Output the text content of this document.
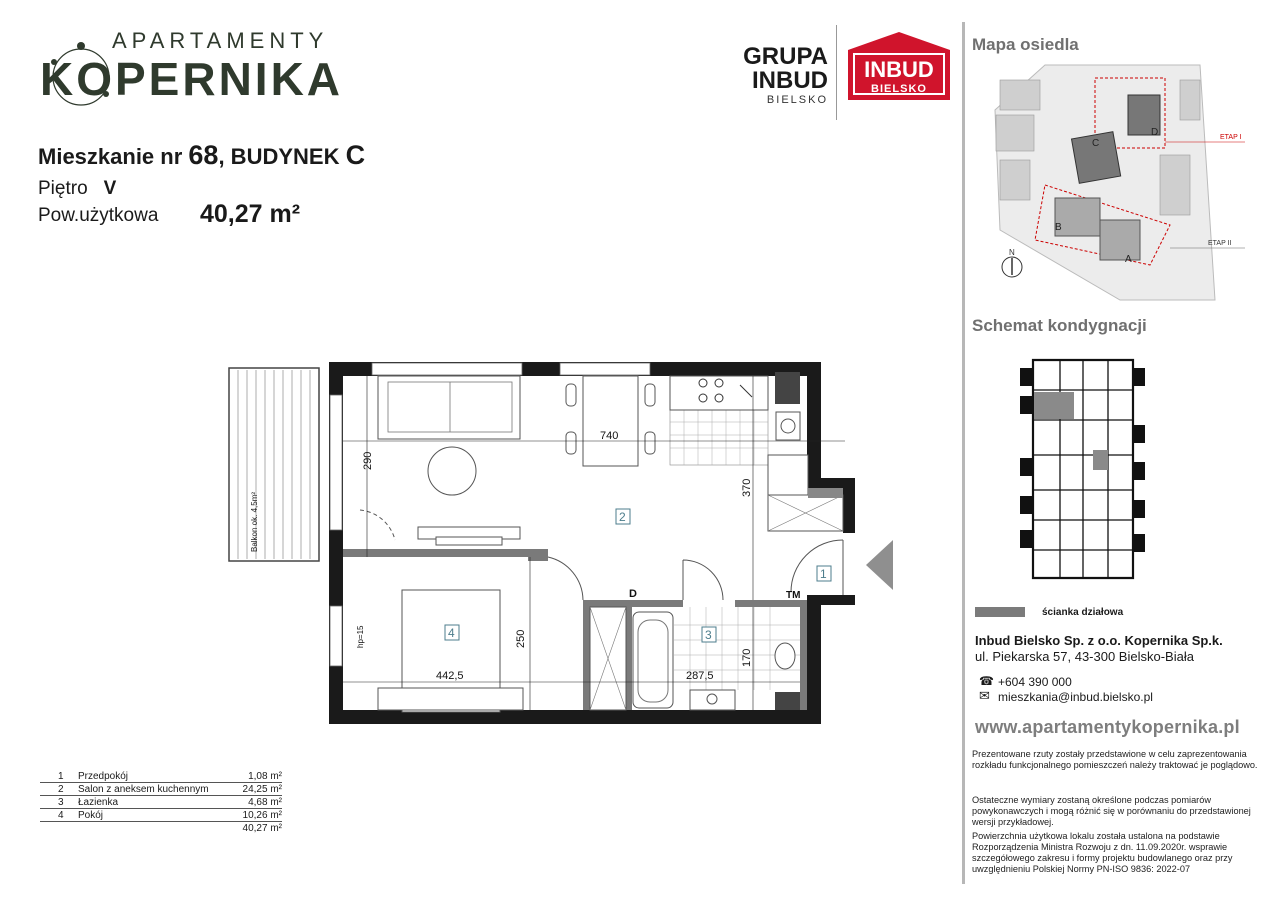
APARTAMENTY
KOPERNIKA	GRUPA
INBUD
BIELSKO
INBUD
BIELSKO
Mieszkanie nr 68, BUDYNEK C
Piętro V
Pow.użytkowa 40,27 m²
Balkon ok. 4,5m²
740
290
370
250
170
442,5	287,5
hp=15
D	TM
1
2
3
4
1	Przedpokój	1,08 m²
2	Salon z aneksem kuchennym	24,25 m²
3	Łazienka	4,68 m²
4	Pokój	10,26 m²
		40,27 m²
Mapa osiedla
D
C
B
A
ETAP I
ETAP II
N
Schemat kondygnacji
ścianka działowa
Inbud Bielsko Sp. z o.o. Kopernika Sp.k.
ul. Piekarska 57, 43-300 Bielsko-Biała
☎ +604 390 000
✉ mieszkania@inbud.bielsko.pl
www.apartamentykopernika.pl
Prezentowane rzuty zostały przedstawione w celu zaprezentowania rozkładu funkcjonalnego pomieszczeń należy traktować je poglądowo.
Ostateczne wymiary zostaną określone podczas pomiarów powykonawczych i mogą różnić się w porównaniu do przedstawionej wersji przykładowej.
Powierzchnia użytkowa lokalu została ustalona na podstawie Rozporządzenia Ministra Rozwoju z dn. 11.09.2020r. wsprawie szczegółowego zakresu i formy projektu budowlanego oraz przy uwzględnieniu Polskiej Normy PN-ISO 9836: 2022-07
